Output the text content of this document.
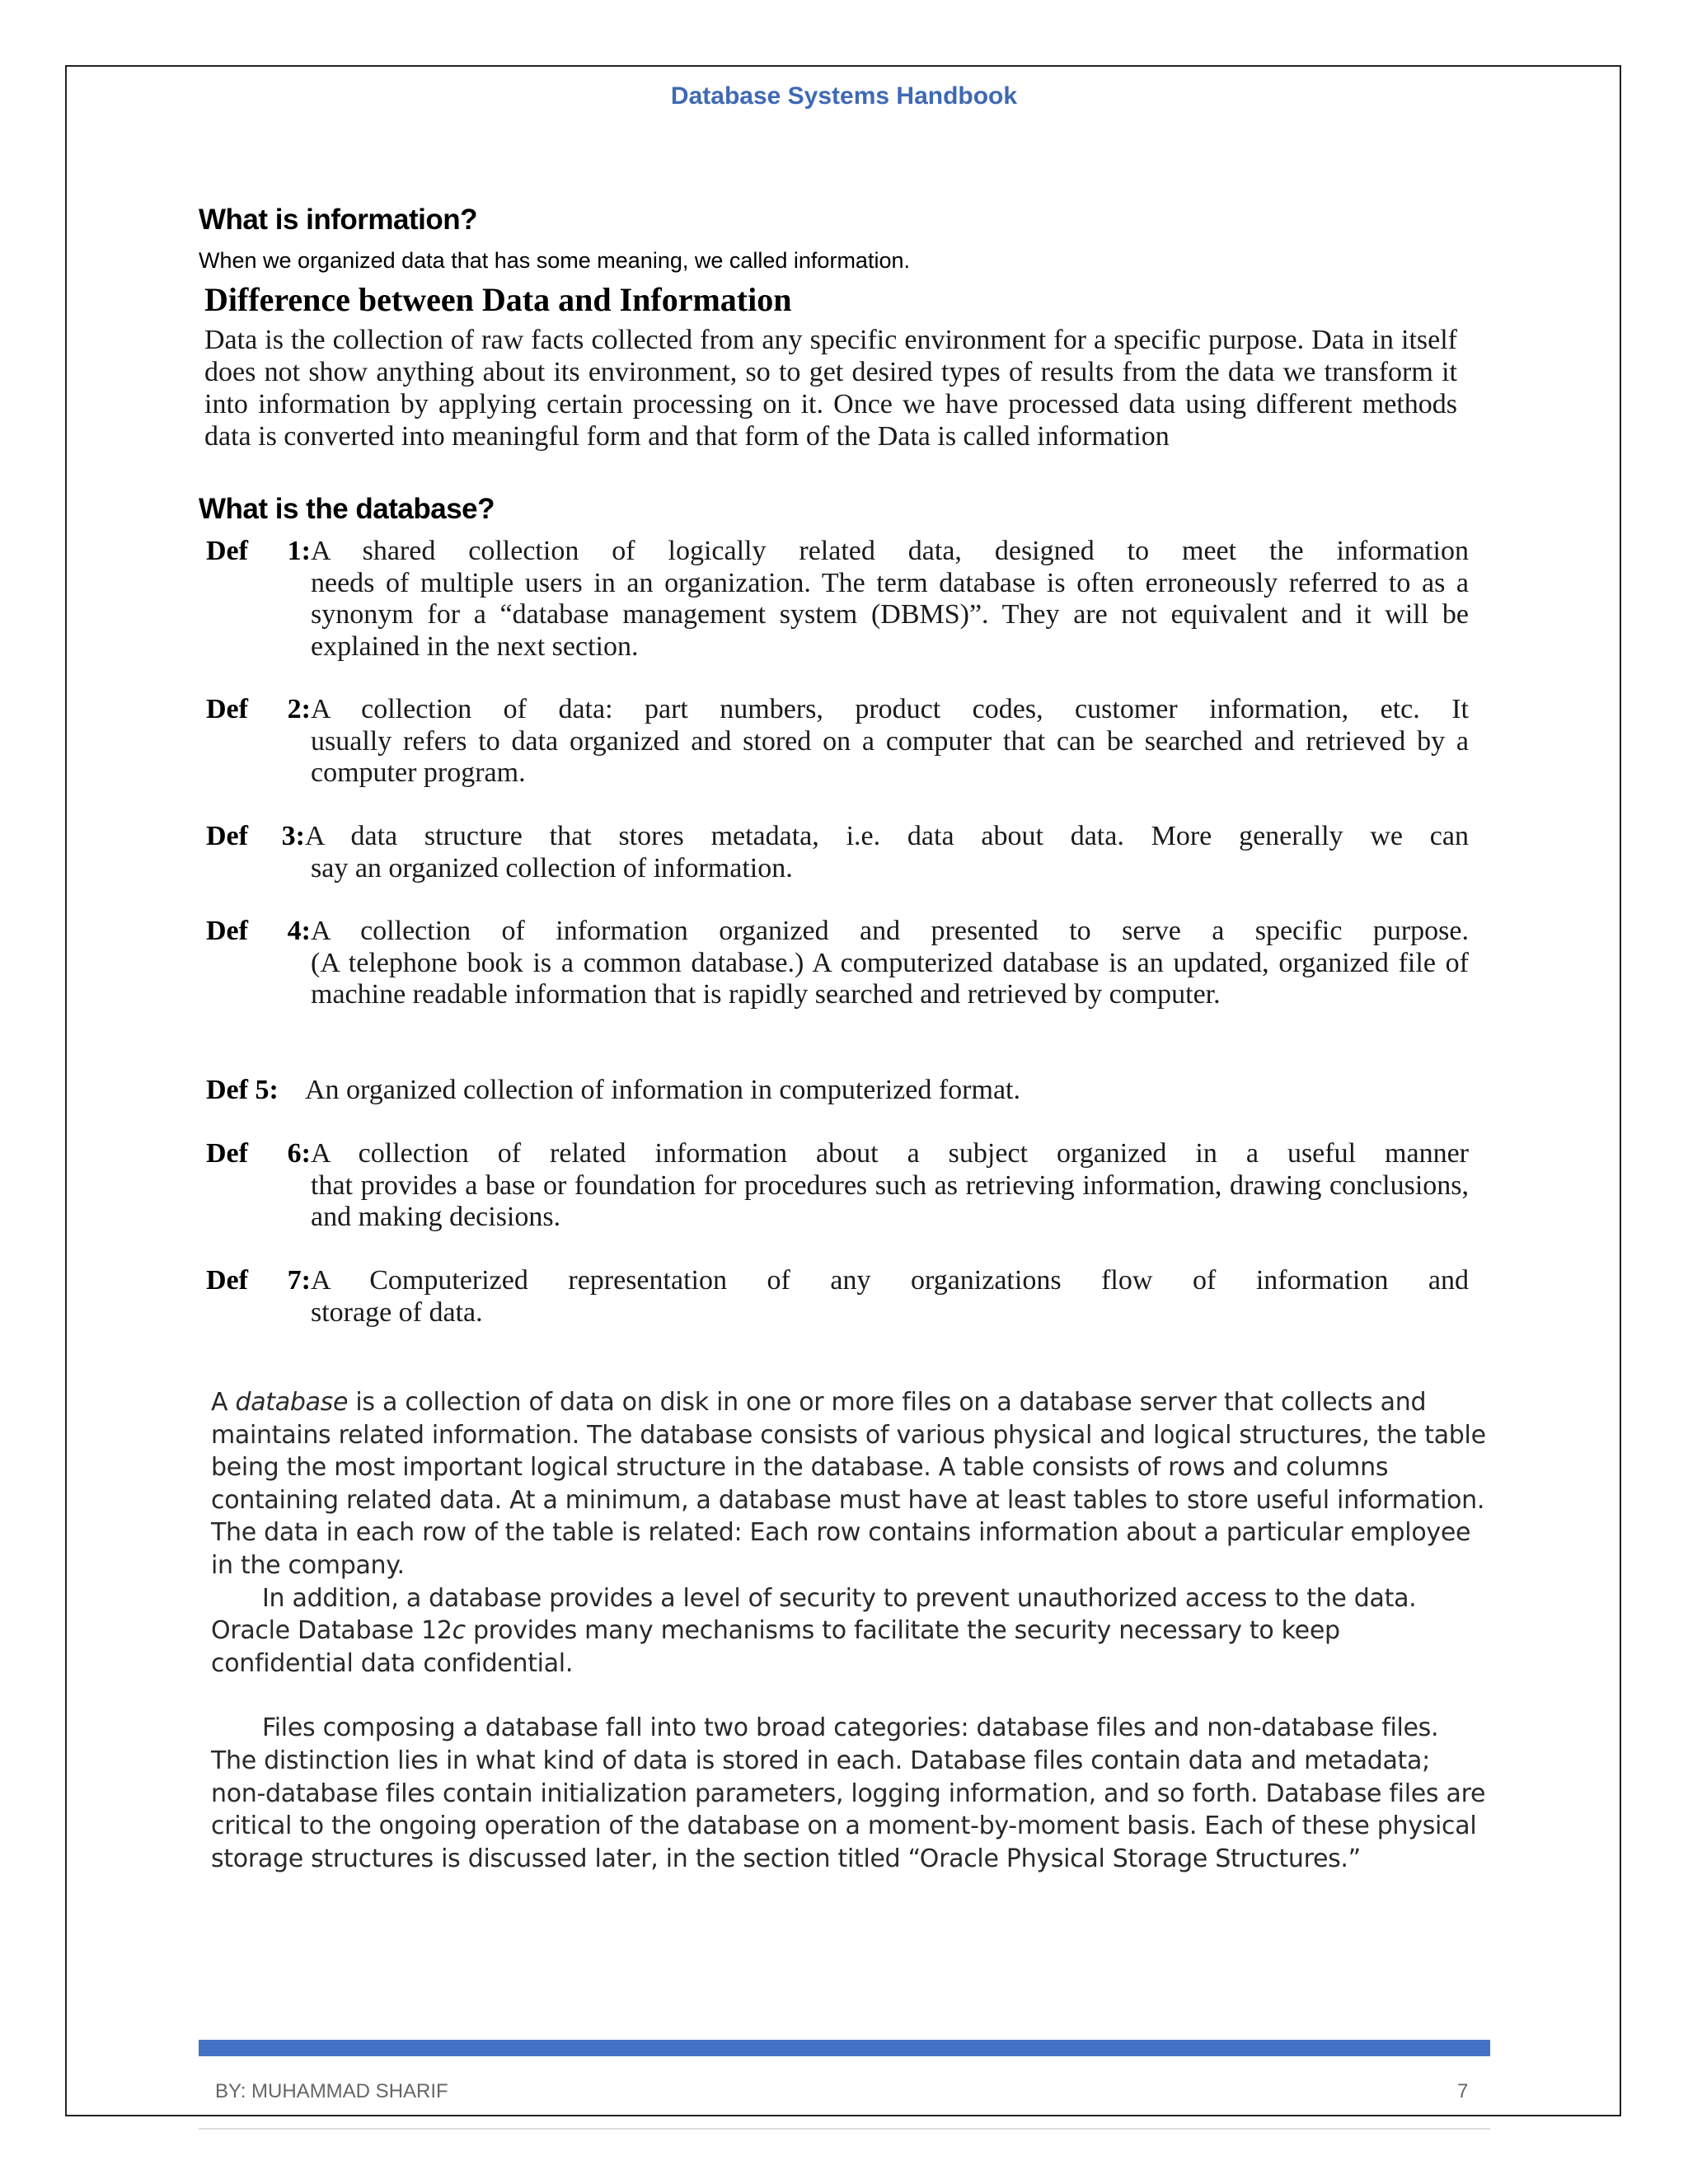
Database Systems Handbook
What is information?
When we organized data that has some meaning, we called information.
Difference between Data and Information
Data is the collection of raw facts collected from any specific environment for a specific purpose. Data in itself does not show anything about its environment, so to get desired types of results from the data we transform it into information by applying certain processing on it. Once we have processed data using different methods data is converted into meaningful form and that form of the Data is called information
What is the database?
Def 1:A shared collection of logically related data, designed to meet the information
needs of multiple users in an organization. The term database is often erroneously referred to as a synonym for a “database management system (DBMS)”. They are not equivalent and it will be explained in the next section.
Def 2:A collection of data: part numbers, product codes, customer information, etc. It
usually refers to data organized and stored on a computer that can be searched and retrieved by a computer program.
Def 3:A data structure that stores metadata, i.e. data about data. More generally we can
say an organized collection of information.
Def 4:A collection of information organized and presented to serve a specific purpose.
(A telephone book is a common database.) A computerized database is an updated, organized file of machine readable information that is rapidly searched and retrieved by computer.
Def 5: An organized collection of information in computerized format.
Def 6:A collection of related information about a subject organized in a useful manner
that provides a base or foundation for procedures such as retrieving information, drawing conclusions, and making decisions.
Def 7:A Computerized representation of any organizations flow of information and
storage of data.

A database is a collection of data on disk in one or more files on a database server that collects and maintains related information. The database consists of various physical and logical structures, the table being the most important logical structure in the database. A table consists of rows and columns containing related data. At a minimum, a database must have at least tables to store useful information.

The data in each row of the table is related: Each row contains information about a particular employee in the company.

In addition, a database provides a level of security to prevent unauthorized access to the data. Oracle Database 12c provides many mechanisms to facilitate the security necessary to keep confidential data confidential.

Files composing a database fall into two broad categories: database files and non-database files. The distinction lies in what kind of data is stored in each. Database files contain data and metadata; non-database files contain initialization parameters, logging information, and so forth. Database files are critical to the ongoing operation of the database on a moment-by-moment basis. Each of these physical storage structures is discussed later, in the section titled “Oracle Physical Storage Structures.”

BY: MUHAMMAD SHARIF	7
